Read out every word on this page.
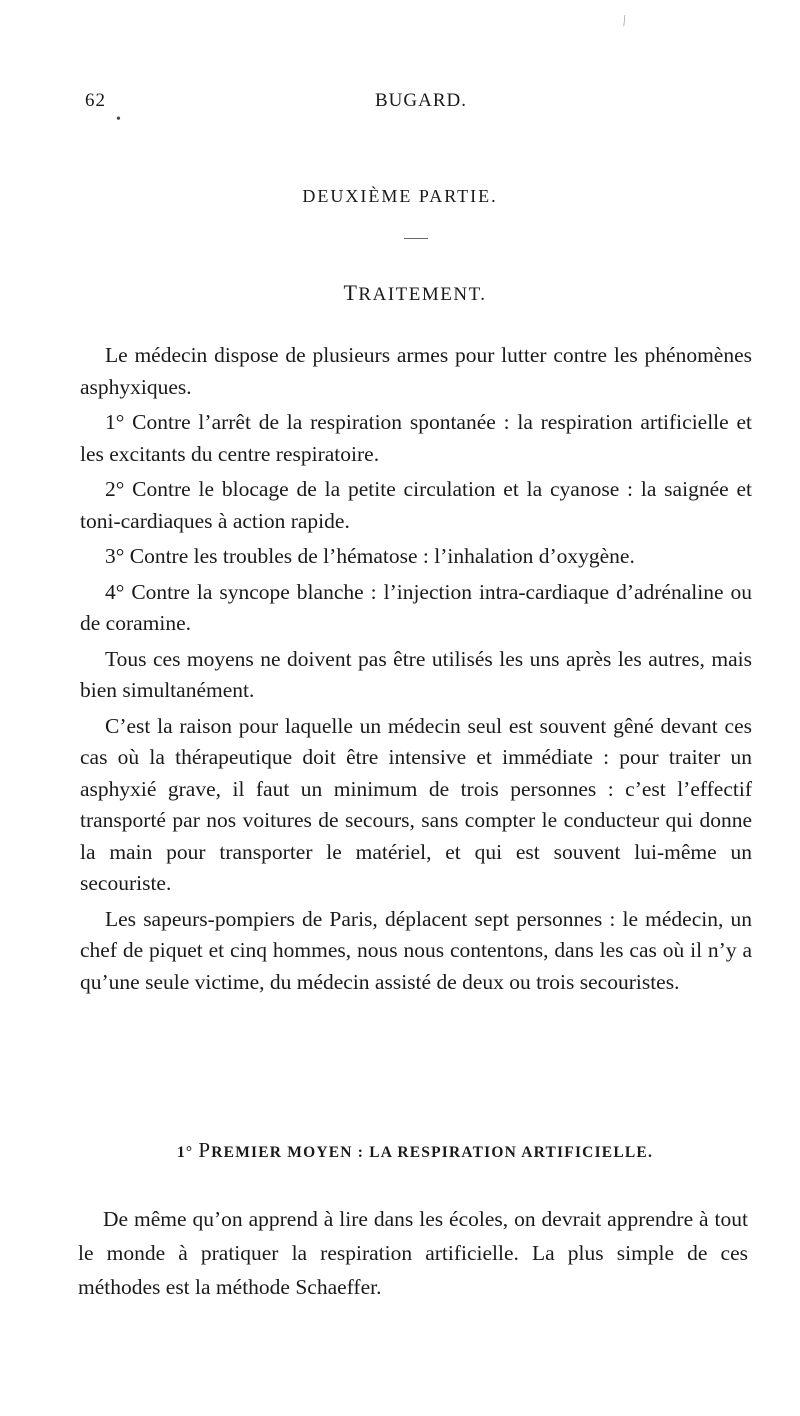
⁄
62	BUGARD.
•
DEUXIÈME PARTIE.
TRAITEMENT.

Le médecin dispose de plusieurs armes pour lutter contre les phénomènes asphyxiques.

1° Contre l’arrêt de la respiration spontanée : la respiration artificielle et les excitants du centre respiratoire.

2° Contre le blocage de la petite circulation et la cyanose : la saignée et toni-cardiaques à action rapide.

3° Contre les troubles de l’hématose : l’inhalation d’oxygène.

4° Contre la syncope blanche : l’injection intra-cardiaque d’adrénaline ou de coramine.

Tous ces moyens ne doivent pas être utilisés les uns après les autres, mais bien simultanément.

C’est la raison pour laquelle un médecin seul est souvent gêné devant ces cas où la thérapeutique doit être intensive et immédiate : pour traiter un asphyxié grave, il faut un minimum de trois personnes : c’est l’effectif transporté par nos voitures de secours, sans compter le conducteur qui donne la main pour transporter le matériel, et qui est souvent lui-même un secouriste.

Les sapeurs-pompiers de Paris, déplacent sept personnes : le médecin, un chef de piquet et cinq hommes, nous nous contentons, dans les cas où il n’y a qu’une seule victime, du médecin assisté de deux ou trois secouristes.

1° PREMIER MOYEN : LA RESPIRATION ARTIFICIELLE.

De même qu’on apprend à lire dans les écoles, on devrait apprendre à tout le monde à pratiquer la respiration artificielle. La plus simple de ces méthodes est la méthode Schaeffer.
